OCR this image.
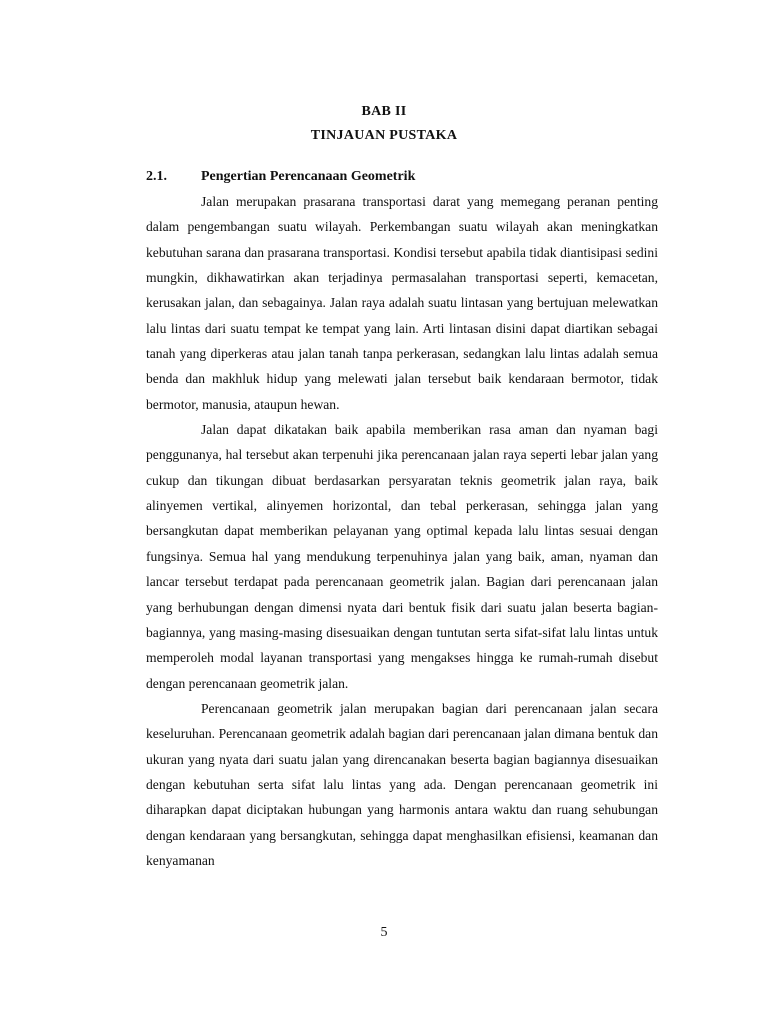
BAB II
TINJAUAN PUSTAKA
2.1. Pengertian Perencanaan Geometrik

Jalan merupakan prasarana transportasi darat yang memegang peranan penting dalam pengembangan suatu wilayah. Perkembangan suatu wilayah akan meningkatkan kebutuhan sarana dan prasarana transportasi. Kondisi tersebut apabila tidak diantisipasi sedini mungkin, dikhawatirkan akan terjadinya permasalahan transportasi seperti, kemacetan, kerusakan jalan, dan sebagainya. Jalan raya adalah suatu lintasan yang bertujuan melewatkan lalu lintas dari suatu tempat ke tempat yang lain. Arti lintasan disini dapat diartikan sebagai tanah yang diperkeras atau jalan tanah tanpa perkerasan, sedangkan lalu lintas adalah semua benda dan makhluk hidup yang melewati jalan tersebut baik kendaraan bermotor, tidak bermotor, manusia, ataupun hewan.

Jalan dapat dikatakan baik apabila memberikan rasa aman dan nyaman bagi penggunanya, hal tersebut akan terpenuhi jika perencanaan jalan raya seperti lebar jalan yang cukup dan tikungan dibuat berdasarkan persyaratan teknis geometrik jalan raya, baik alinyemen vertikal, alinyemen horizontal, dan tebal perkerasan, sehingga jalan yang bersangkutan dapat memberikan pelayanan yang optimal kepada lalu lintas sesuai dengan fungsinya. Semua hal yang mendukung terpenuhinya jalan yang baik, aman, nyaman dan lancar tersebut terdapat pada perencanaan geometrik jalan. Bagian dari perencanaan jalan yang berhubungan dengan dimensi nyata dari bentuk fisik dari suatu jalan beserta bagian-bagiannya, yang masing-masing disesuaikan dengan tuntutan serta sifat-sifat lalu lintas untuk memperoleh modal layanan transportasi yang mengakses hingga ke rumah-rumah disebut dengan perencanaan geometrik jalan.

Perencanaan geometrik jalan merupakan bagian dari perencanaan jalan secara keseluruhan. Perencanaan geometrik adalah bagian dari perencanaan jalan dimana bentuk dan ukuran yang nyata dari suatu jalan yang direncanakan beserta bagian bagiannya disesuaikan dengan kebutuhan serta sifat lalu lintas yang ada. Dengan perencanaan geometrik ini diharapkan dapat diciptakan hubungan yang harmonis antara waktu dan ruang sehubungan dengan kendaraan yang bersangkutan, sehingga dapat menghasilkan efisiensi, keamanan dan kenyamanan

5
